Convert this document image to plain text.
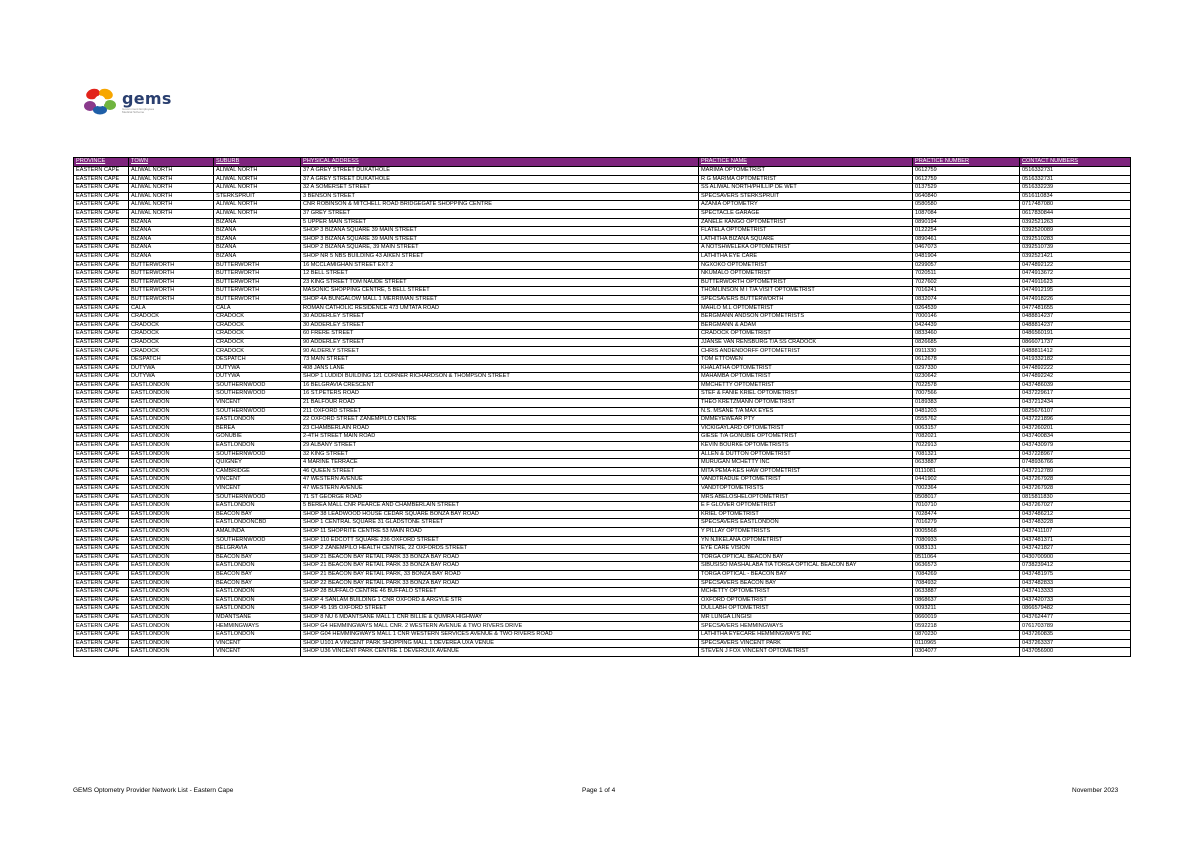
gems
Government Employees Medical Scheme
PROVINCE	TOWN	SUBURB	PHYSICAL ADDRESS	PRACTICE NAME	PRACTICE NUMBER	CONTACT NUMBERS
EASTERN CAPE	ALIWAL NORTH	ALIWAL NORTH	37 A GREY STREET DUKATHOLE	MARIMA OPTOMETRIST	0612759	0516332731
EASTERN CAPE	ALIWAL NORTH	ALIWAL NORTH	37 A GREY STREET DUKATHOLE	R G MARIMA OPTOMETRIST	0612759	0516332731
EASTERN CAPE	ALIWAL NORTH	ALIWAL NORTH	32 A SOMERSET STREET	SS ALIWAL NORTH/PHILLIP DE WET	0137529	0516332239
EASTERN CAPE	ALIWAL NORTH	STERKSPRUIT	3 BENSON STREET	SPECSAVERS STERKSPRUIT	0640840	0516110834
EASTERN CAPE	ALIWAL NORTH	ALIWAL NORTH	CNR ROBINSON & MITCHELL ROAD BRIDGEGATE SHOPPING CENTRE	AZANIA OPTOMETRY	0580580	0717487080
EASTERN CAPE	ALIWAL NORTH	ALIWAL NORTH	37 GREY STREET	SPECTACLE GARAGE	1087084	0617830844
EASTERN CAPE	BIZANA	BIZANA	5 UPPER MAIN STREET	ZANELE KANGO OPTOMETRIST	0890194	0392521263
EASTERN CAPE	BIZANA	BIZANA	SHOP 3 BIZANA SQUARE 39 MAIN STREET	FLATELA OPTOMETRIST	0122254	0392520089
EASTERN CAPE	BIZANA	BIZANA	SHOP 3 BIZANA SQUARE 39 MAIN STREET	LATHITHA BIZANA SQUARE	0890461	0392510283
EASTERN CAPE	BIZANA	BIZANA	SHOP 2 BIZANA SQUARE, 39 MAIN STREET	A NOTSHWELEKA OPTOMETRIST	0467073	0392510739
EASTERN CAPE	BIZANA	BIZANA	SHOP NR 5 NBS BUILDING 43 AIKEN STREET	LATHITHA EYE CARE	0481904	0392521421
EASTERN CAPE	BUTTERWORTH	BUTTERWORTH	16 MCCLAMIGHAN STREET EXT 2	NGXOKO OPTOMETRIST	0299057	0474892122
EASTERN CAPE	BUTTERWORTH	BUTTERWORTH	12 BELL STREET	NKUMALO OPTOMETRIST	7020511	0474913672
EASTERN CAPE	BUTTERWORTH	BUTTERWORTH	23 KING STREET TOM NAUDE STREET	BUTTERWORTH OPTOMETRIST	7027602	0474911623
EASTERN CAPE	BUTTERWORTH	BUTTERWORTH	MASONIC SHOPPING CENTRE, 5 BELL STREET	THOMLINSON M I T/A VISIT OPTOMETRIST	7016241	0474912195
EASTERN CAPE	BUTTERWORTH	BUTTERWORTH	SHOP 4A BUNGALOW MALL 1 MERRIMAN STREET	SPECSAVERS BUTTERWORTH	0832074	0474918226
EASTERN CAPE	CALA	CALA	ROMAN CATHOLIC RESIDENCE 473 UMTATA ROAD	MAHLO M.L OPTOMETRIST	0264539	0477481655
EASTERN CAPE	CRADOCK	CRADOCK	30 ADDERLEY STREET	BERGMANN ANDSON OPTOMETRISTS	7000146	0488814237
EASTERN CAPE	CRADOCK	CRADOCK	30 ADDERLEY STREET	BERGMANN & ADAM	0424439	0488814237
EASTERN CAPE	CRADOCK	CRADOCK	60 FRERE STREET	CRADOCK OPTOMETRIST	0833460	0486560191
EASTERN CAPE	CRADOCK	CRADOCK	90 ADDERLEY STREET	JJANSE VAN RENSBURG T/A SS CRADOCK	0826685	0866071737
EASTERN CAPE	CRADOCK	CRADOCK	90 ALDERLY STREET	CHRIS ANDENDORFF OPTOMETRIST	0911330	0488811412
EASTERN CAPE	DESPATCH	DESPATCH	73 MAIN STREET	TOM ETTOWEN	0612678	0419332182
EASTERN CAPE	DUTYWA	DUTYWA	408 JANS LANE	KHALATHA OPTOMETRIST	0297330	0474892222
EASTERN CAPE	DUTYWA	DUTYWA	SHOP 1 LUDIDI BUILDING 121 CORNER RICHARDSON & THOMPSON STREET	MAHAMBA OPTOMETRIST	0230642	0474892242
EASTERN CAPE	EASTLONDON	SOUTHERNWOOD	16 BELGRAVIA CRESCENT	MMCHETTY OPTOMETRIST	7022578	0437486039
EASTERN CAPE	EASTLONDON	SOUTHERNWOOD	16 ST.PETERS ROAD	STEF & FANIE KRIEL OPTOMETRIST	7007566	0437229617
EASTERN CAPE	EASTLONDON	VINCENT	21 BALFOUR ROAD	THEO KRETZMANN OPTOMETRIST	0189383	0437212434
EASTERN CAPE	EASTLONDON	SOUTHERNWOOD	211 OXFORD STREET	N.S. MSANE T/A MAX EYES	0481203	0825676107
EASTERN CAPE	EASTLONDON	EASTLONDON	22 OXFORD STREET ZANEMPILO CENTRE	DMMEYEWEAR PTY	0555762	0437221896
EASTERN CAPE	EASTLONDON	BEREA	23 CHAMBERLAIN ROAD	VICKIGAYLARD OPTOMETRIST	0063157	0437260201
EASTERN CAPE	EASTLONDON	GONUBIE	2-4TH STREET MAIN ROAD	GIESE T/A GONUBIE OPTOMETRIST	7082021	0437400834
EASTERN CAPE	EASTLONDON	EASTLONDON	29 ALBANY STREET	KEVIN BOURKE OPTOMETRISTS	7022913	0437430979
EASTERN CAPE	EASTLONDON	SOUTHERNWOOD	32 KING STREET	ALLEN & DUTTON OPTOMETRIST	7081321	0437228967
EASTERN CAPE	EASTLONDON	QUIGNEY	4 MARINE TERRACE	MURUGAN MCHETTY INC	0633887	0748936766
EASTERN CAPE	EASTLONDON	CAMBRIDGE	46 QUEEN STREET	MITA PEMA-KES HAW OPTOMETRIST	0111081	0437212789
EASTERN CAPE	EASTLONDON	VINCENT	47 WESTERN AVENUE	VANDTRADUE OPTOMETRIST	0441902	0437267928
EASTERN CAPE	EASTLONDON	VINCENT	47 WESTERN AVENUE	VANDTOPTOMETRISTS	7002364	0437267928
EASTERN CAPE	EASTLONDON	SOUTHERNWOOD	71 ST GEORGE ROAD	MRS ABELOSHELOPTOMETRIST	0508017	0815811830
EASTERN CAPE	EASTLONDON	EASTLONDON	5 BEREA MALL CNR PEARCE AND CHAMBERLAIN STREET	E F GLOVER OPTOMETRIST	7010710	0437267027
EASTERN CAPE	EASTLONDON	BEACON BAY	SHOP 38 LEADWOOD HOUSE CEDAR SQUARE BONZA BAY ROAD	KRIEL OPTOMETRIST	7028474	0437486212
EASTERN CAPE	EASTLONDON	EASTLONDONCBD	SHOP 1 CENTRAL SQUARE 31 GLADSTONE STREET	SPECSAVERS EASTLONDON	7016279	0437483228
EASTERN CAPE	EASTLONDON	AMALINDA	SHOP 11 SHOPRITE CENTRE 53 MAIN ROAD	Y PILLAY OPTOMETRISTS	0005568	0437411107
EASTERN CAPE	EASTLONDON	SOUTHERNWOOD	SHOP 110 EDCOTT SQUARE 236 OXFORD STREET	YN NJIKELANA OPTOMETRIST	7080933	0437481371
EASTERN CAPE	EASTLONDON	BELGRAVIA	SHOP 2 ZANEMPILO HEALTH CENTRE, 22 OXFORDS STREET	EYE CARE VISION	0083131	0437421827
EASTERN CAPE	EASTLONDON	BEACON BAY	SHOP 21 BEACON BAY RETAIL PARK 33 BONZA BAY ROAD	TORGA OPTICAL BEACON BAY	0511064	0430700900
EASTERN CAPE	EASTLONDON	EASTLONDON	SHOP 21 BEACON BAY RETAIL PARK 33 BONZA BAY ROAD	SIBUSISO MASHALABA T/A TORGA OPTICAL BEACON BAY	0636573	0738239412
EASTERN CAPE	EASTLONDON	BEACON BAY	SHOP 21 BEACON BAY RETAIL PARK, 33 BONZA BAY ROAD	TORGA OPTICAL - BEACON BAY	7084269	0437481975
EASTERN CAPE	EASTLONDON	BEACON BAY	SHOP 22 BEACON BAY RETAIL PARK 33 BONZA BAY ROAD	SPECSAVERS BEACON BAY	7084932	0437482833
EASTERN CAPE	EASTLONDON	EASTLONDON	SHOP 28 BUFFALO CENTRE 46 BUFFALO STREET	MCHETTY OPTOMETRIST	0633887	0437413333
EASTERN CAPE	EASTLONDON	EASTLONDON	SHOP 4 SANLAM BUILDING 1 CNR OXFORD & ARGYLE STR	OXFORD OPTOMETRIST	0868637	0437420733
EASTERN CAPE	EASTLONDON	EASTLONDON	SHOP 45 195 OXFORD STREET	DULLABH OPTOMETRIST	0093211	0866579482
EASTERN CAPE	EASTLONDON	MDANTSANE	SHOP 8 NU 6 MDANTSANE MALL 1 CNR BILLIE & QUMRA HIGHWAY	MR LUNGA LINGISI	0660019	0437624477
EASTERN CAPE	EASTLONDON	HEMMINGWAYS	SHOP G4 HEMMINGWAYS MALL CNR. 2 WESTERN AVENUE & TWO RIVERS DRIVE	SPECSAVERS HEMMINGWAYS	0592218	0761703789
EASTERN CAPE	EASTLONDON	EASTLONDON	SHOP G04 HEMMINGWAYS MALL 1 CNR WESTERN SERVICES AVENUE & TWO RIVERS ROAD	LATHITHA EYECARE HEMMINGWAYS INC	0870230	0437260835
EASTERN CAPE	EASTLONDON	VINCENT	SHOP U101 A VINCENT PARK SHOPPING MALL 1 DEVEREA UXA VENUE	SPECSAVERS VINCENT PARK	0110965	0437263337
EASTERN CAPE	EASTLONDON	VINCENT	SHOP U36 VINCENT PARK CENTRE 1 DEVEROUX AVENUE	STEVEN J FOX VINCENT OPTOMETRIST	0304077	0437056900
GEMS Optometry Provider Network List - Eastern Cape	Page 1 of 4	November 2023
